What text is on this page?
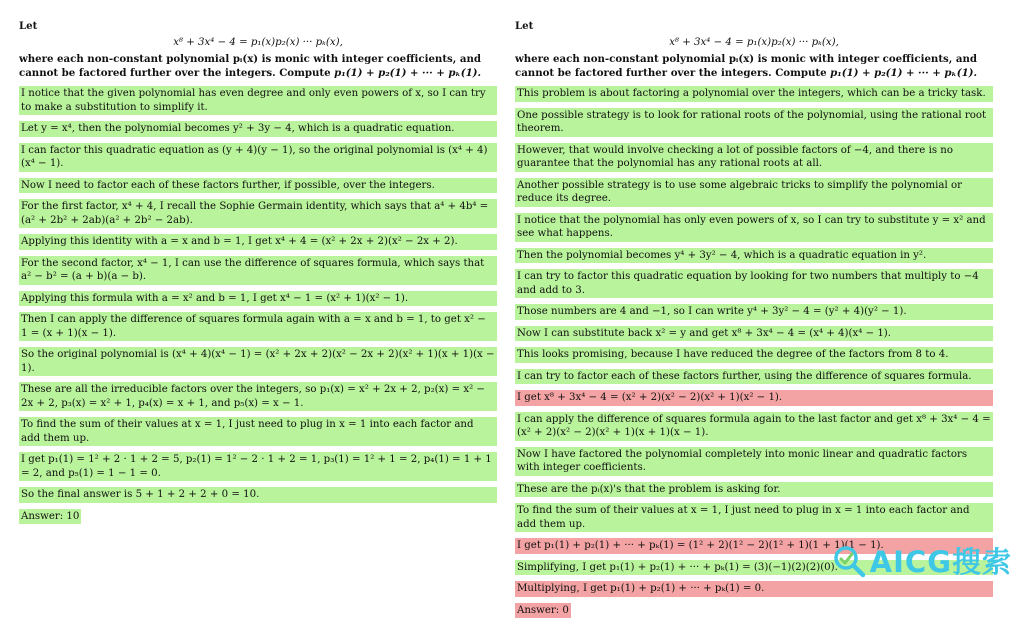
Let
x⁸ + 3x⁴ − 4 = p₁(x)p₂(x) ··· pₖ(x),
where each non-constant polynomial pᵢ(x) is monic with integer coefficients, and cannot be factored further over the integers. Compute p₁(1) + p₂(1) + ··· + pₖ(1).
I notice that the given polynomial has even degree and only even powers of x, so I can try to make a substitution to simplify it.
Let y = x⁴, then the polynomial becomes y² + 3y − 4, which is a quadratic equation.
I can factor this quadratic equation as (y + 4)(y − 1), so the original polynomial is (x⁴ + 4)(x⁴ − 1).
Now I need to factor each of these factors further, if possible, over the integers.
For the first factor, x⁴ + 4, I recall the Sophie Germain identity, which says that a⁴ + 4b⁴ = (a² + 2b² + 2ab)(a² + 2b² − 2ab).
Applying this identity with a = x and b = 1, I get x⁴ + 4 = (x² + 2x + 2)(x² − 2x + 2).
For the second factor, x⁴ − 1, I can use the difference of squares formula, which says that a² − b² = (a + b)(a − b).
Applying this formula with a = x² and b = 1, I get x⁴ − 1 = (x² + 1)(x² − 1).
Then I can apply the difference of squares formula again with a = x and b = 1, to get x² − 1 = (x + 1)(x − 1).
So the original polynomial is (x⁴ + 4)(x⁴ − 1) = (x² + 2x + 2)(x² − 2x + 2)(x² + 1)(x + 1)(x − 1).
These are all the irreducible factors over the integers, so p₁(x) = x² + 2x + 2, p₂(x) = x² − 2x + 2, p₃(x) = x² + 1, p₄(x) = x + 1, and p₅(x) = x − 1.
To find the sum of their values at x = 1, I just need to plug in x = 1 into each factor and add them up.
I get p₁(1) = 1² + 2 · 1 + 2 = 5, p₂(1) = 1² − 2 · 1 + 2 = 1, p₃(1) = 1² + 1 = 2, p₄(1) = 1 + 1 = 2, and p₅(1) = 1 − 1 = 0.
So the final answer is 5 + 1 + 2 + 2 + 0 = 10.
Answer: 10
Let
x⁸ + 3x⁴ − 4 = p₁(x)p₂(x) ··· pₖ(x),
where each non-constant polynomial pᵢ(x) is monic with integer coefficients, and cannot be factored further over the integers. Compute p₁(1) + p₂(1) + ··· + pₖ(1).
This problem is about factoring a polynomial over the integers, which can be a tricky task.
One possible strategy is to look for rational roots of the polynomial, using the rational root theorem.
However, that would involve checking a lot of possible factors of −4, and there is no guarantee that the polynomial has any rational roots at all.
Another possible strategy is to use some algebraic tricks to simplify the polynomial or reduce its degree.
I notice that the polynomial has only even powers of x, so I can try to substitute y = x² and see what happens.
Then the polynomial becomes y⁴ + 3y² − 4, which is a quadratic equation in y².
I can try to factor this quadratic equation by looking for two numbers that multiply to −4 and add to 3.
Those numbers are 4 and −1, so I can write y⁴ + 3y² − 4 = (y² + 4)(y² − 1).
Now I can substitute back x² = y and get x⁸ + 3x⁴ − 4 = (x⁴ + 4)(x⁴ − 1).
This looks promising, because I have reduced the degree of the factors from 8 to 4.
I can try to factor each of these factors further, using the difference of squares formula.
I get x⁸ + 3x⁴ − 4 = (x² + 2)(x² − 2)(x² + 1)(x² − 1).
I can apply the difference of squares formula again to the last factor and get x⁸ + 3x⁴ − 4 = (x² + 2)(x² − 2)(x² + 1)(x + 1)(x − 1).
Now I have factored the polynomial completely into monic linear and quadratic factors with integer coefficients.
These are the pᵢ(x)'s that the problem is asking for.
To find the sum of their values at x = 1, I just need to plug in x = 1 into each factor and add them up.
I get p₁(1) + p₂(1) + ··· + pₖ(1) = (1² + 2)(1² − 2)(1² + 1)(1 + 1)(1 − 1).
Simplifying, I get p₁(1) + p₂(1) + ··· + pₖ(1) = (3)(−1)(2)(2)(0).
Multiplying, I get p₁(1) + p₂(1) + ··· + pₖ(1) = 0.
Answer: 0
AICG搜索
